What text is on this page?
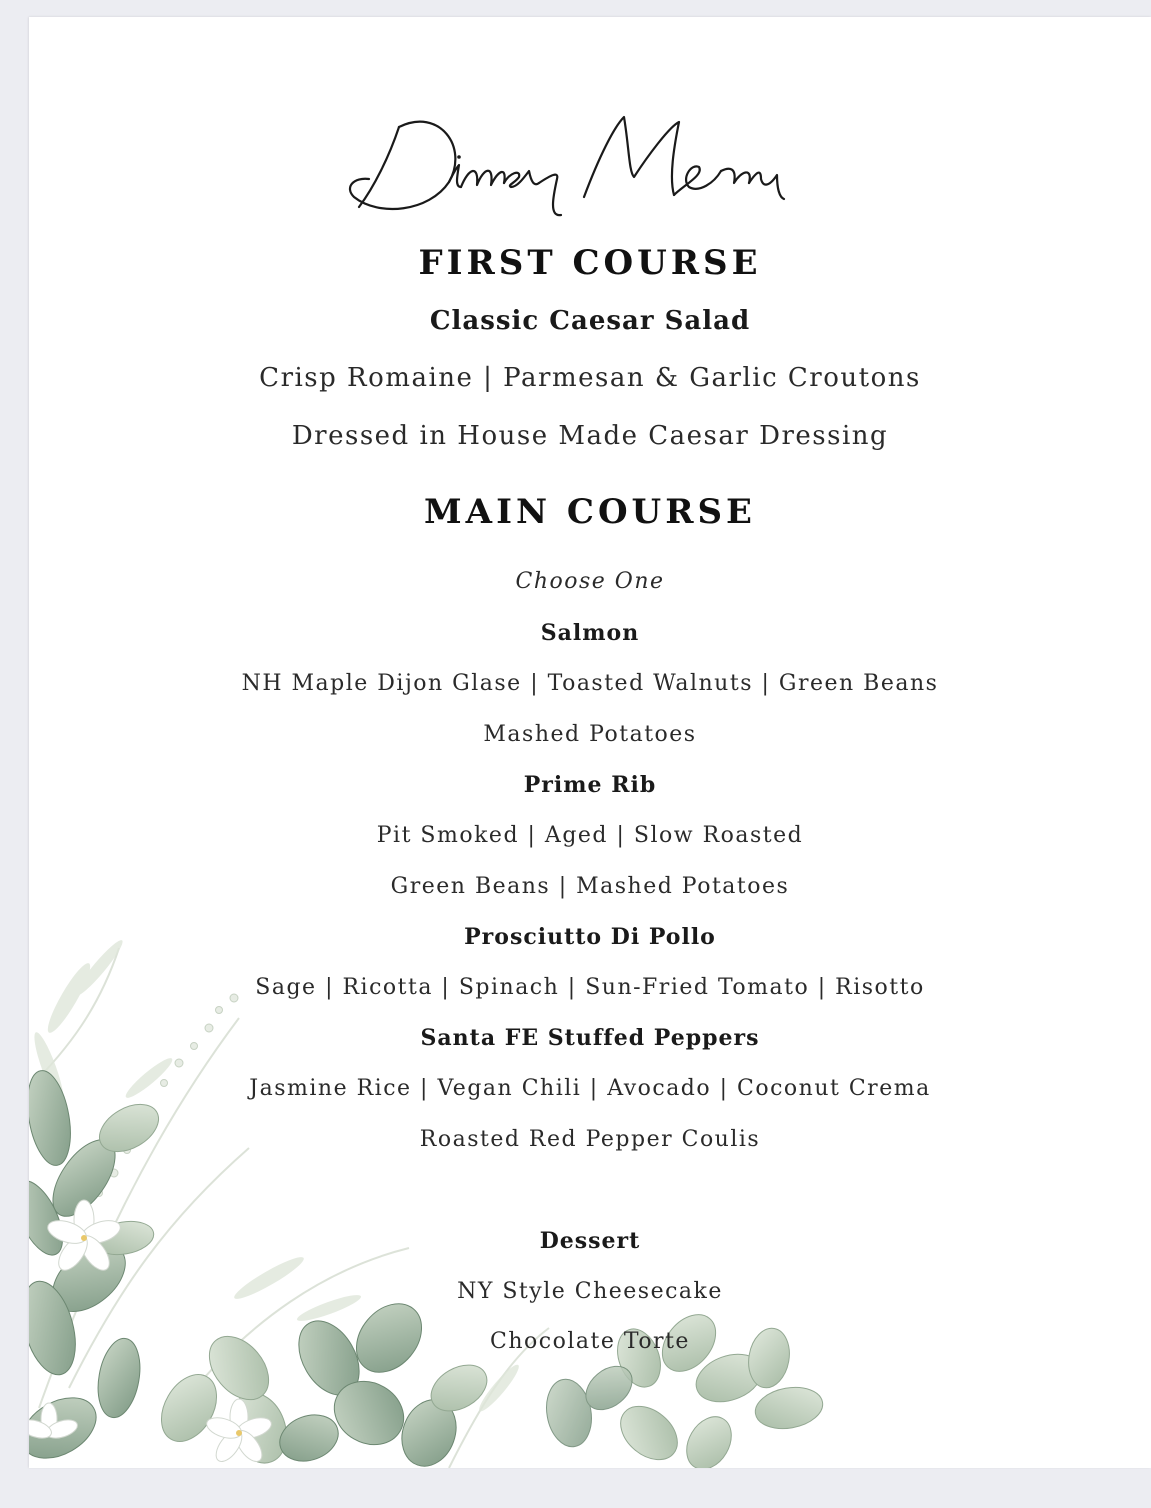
FIRST COURSE
Classic Caesar Salad
Crisp Romaine | Parmesan & Garlic Croutons
Dressed in House Made Caesar Dressing
MAIN COURSE
Choose One
Salmon
NH Maple Dijon Glase | Toasted Walnuts | Green Beans
Mashed Potatoes
Prime Rib
Pit Smoked | Aged | Slow Roasted
Green Beans | Mashed Potatoes
Prosciutto Di Pollo
Sage | Ricotta | Spinach | Sun-Fried Tomato | Risotto
Santa FE Stuffed Peppers
Jasmine Rice | Vegan Chili | Avocado | Coconut Crema
Roasted Red Pepper Coulis
Dessert
NY Style Cheesecake
Chocolate Torte
